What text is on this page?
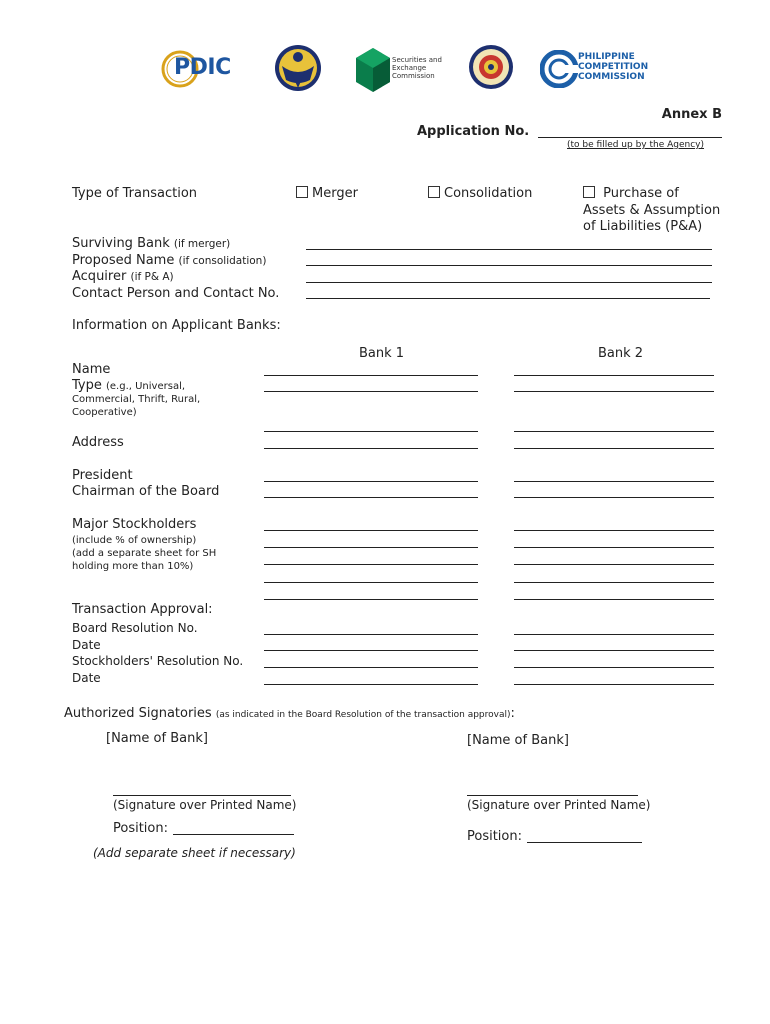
PDIC	Securities and
Exchange
Commission
PHILIPPINE
COMPETITION
COMMISSION
Annex B
Application No.
(to be filled up by the Agency)
Type of Transaction	Merger	Consolidation	Purchase of
Assets & Assumption
of Liabilities (P&A)
Surviving Bank (if merger)
Proposed Name (if consolidation)
Acquirer (if P& A)
Contact Person and Contact No.
Information on Applicant Banks:
Bank 1	Bank 2
Name
Type (e.g., Universal,
Commercial, Thrift, Rural,
Cooperative)
Address
President
Chairman of the Board
Major Stockholders
(include % of ownership)
(add a separate sheet for SH
holding more than 10%)
Transaction Approval:
Board Resolution No.
Date
Stockholders' Resolution No.
Date
Authorized Signatories (as indicated in the Board Resolution of the transaction approval):
[Name of Bank]	[Name of Bank]
(Signature over Printed Name)	(Signature over Printed Name)
Position:
Position:
(Add separate sheet if necessary)
